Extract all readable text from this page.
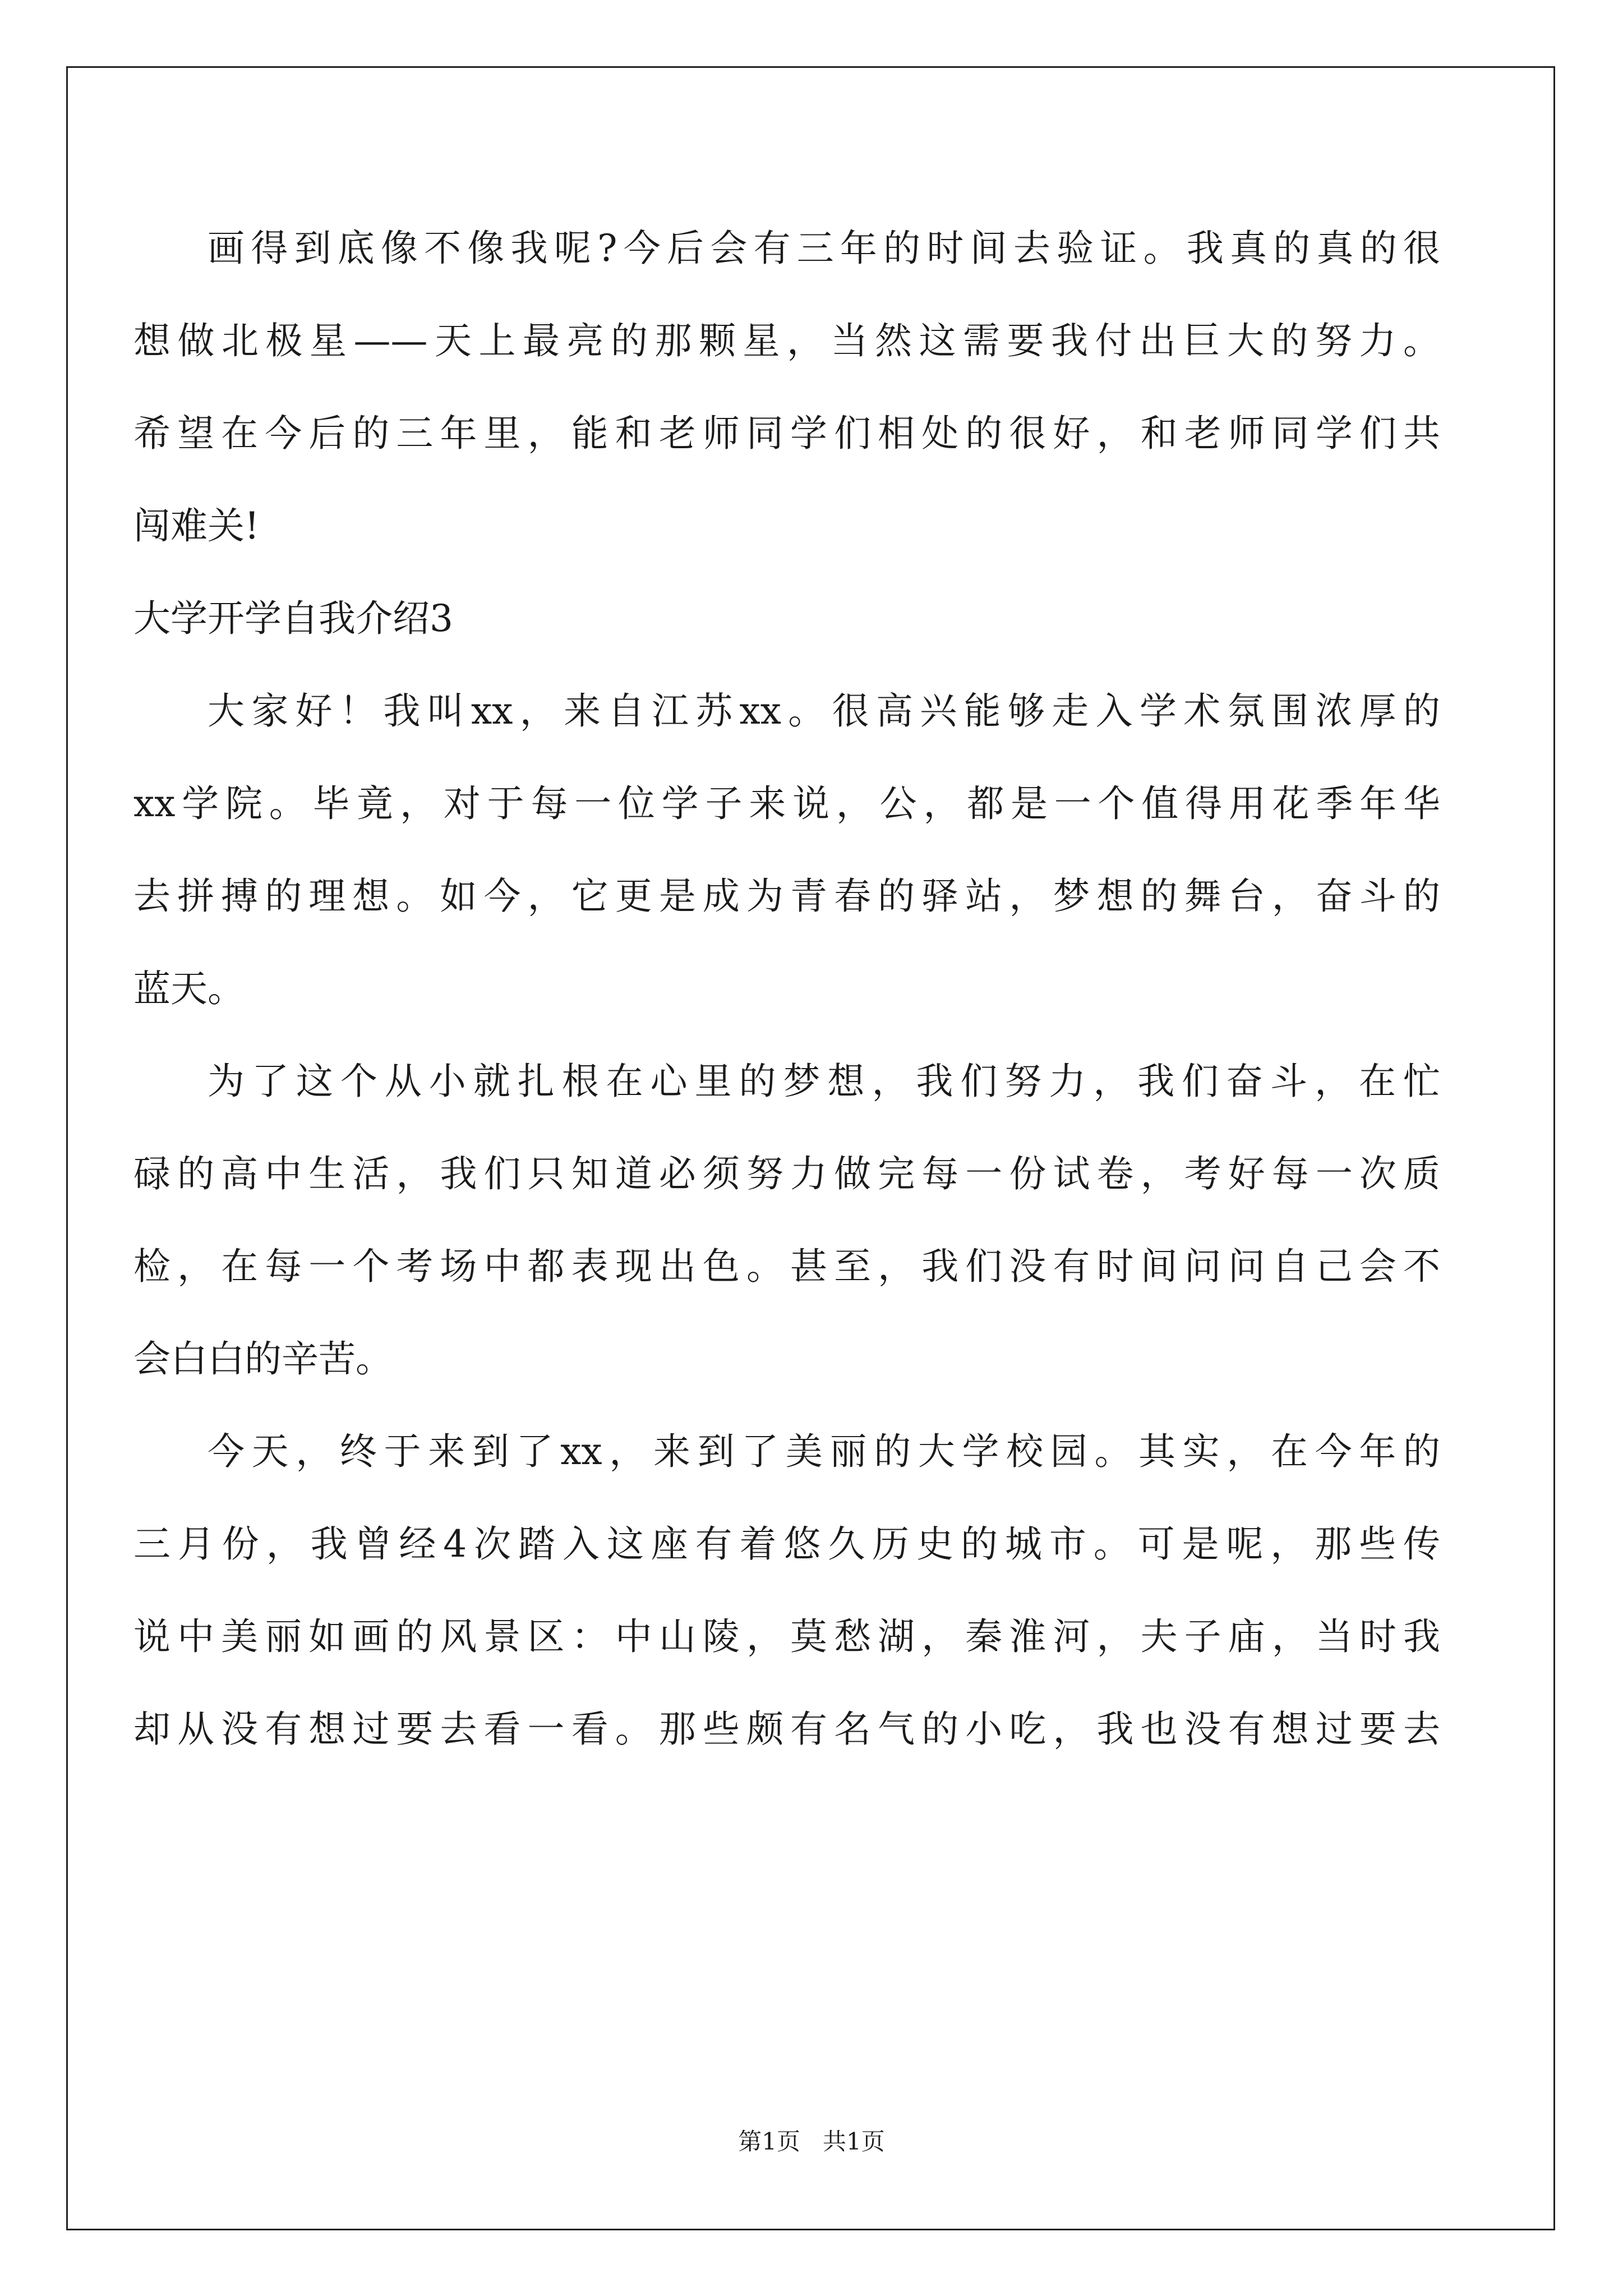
画得到底像不像我呢?今后会有三年的时间去验证。我真的真的很
想做北极星——天上最亮的那颗星，当然这需要我付出巨大的努力。
希望在今后的三年里，能和老师同学们相处的很好，和老师同学们共
闯难关!
大学开学自我介绍3
大家好！我叫xx，来自江苏xx。很高兴能够走入学术氛围浓厚的
xx学院。毕竟，对于每一位学子来说，公，都是一个值得用花季年华
去拼搏的理想。如今，它更是成为青春的驿站，梦想的舞台，奋斗的
蓝天。
为了这个从小就扎根在心里的梦想，我们努力，我们奋斗，在忙
碌的高中生活，我们只知道必须努力做完每一份试卷，考好每一次质
检，在每一个考场中都表现出色。甚至，我们没有时间问问自己会不
会白白的辛苦。
今天，终于来到了xx，来到了美丽的大学校园。其实，在今年的
三月份，我曾经4次踏入这座有着悠久历史的城市。可是呢，那些传
说中美丽如画的风景区：中山陵，莫愁湖，秦淮河，夫子庙，当时我
却从没有想过要去看一看。那些颇有名气的小吃，我也没有想过要去
第1页   共1页
